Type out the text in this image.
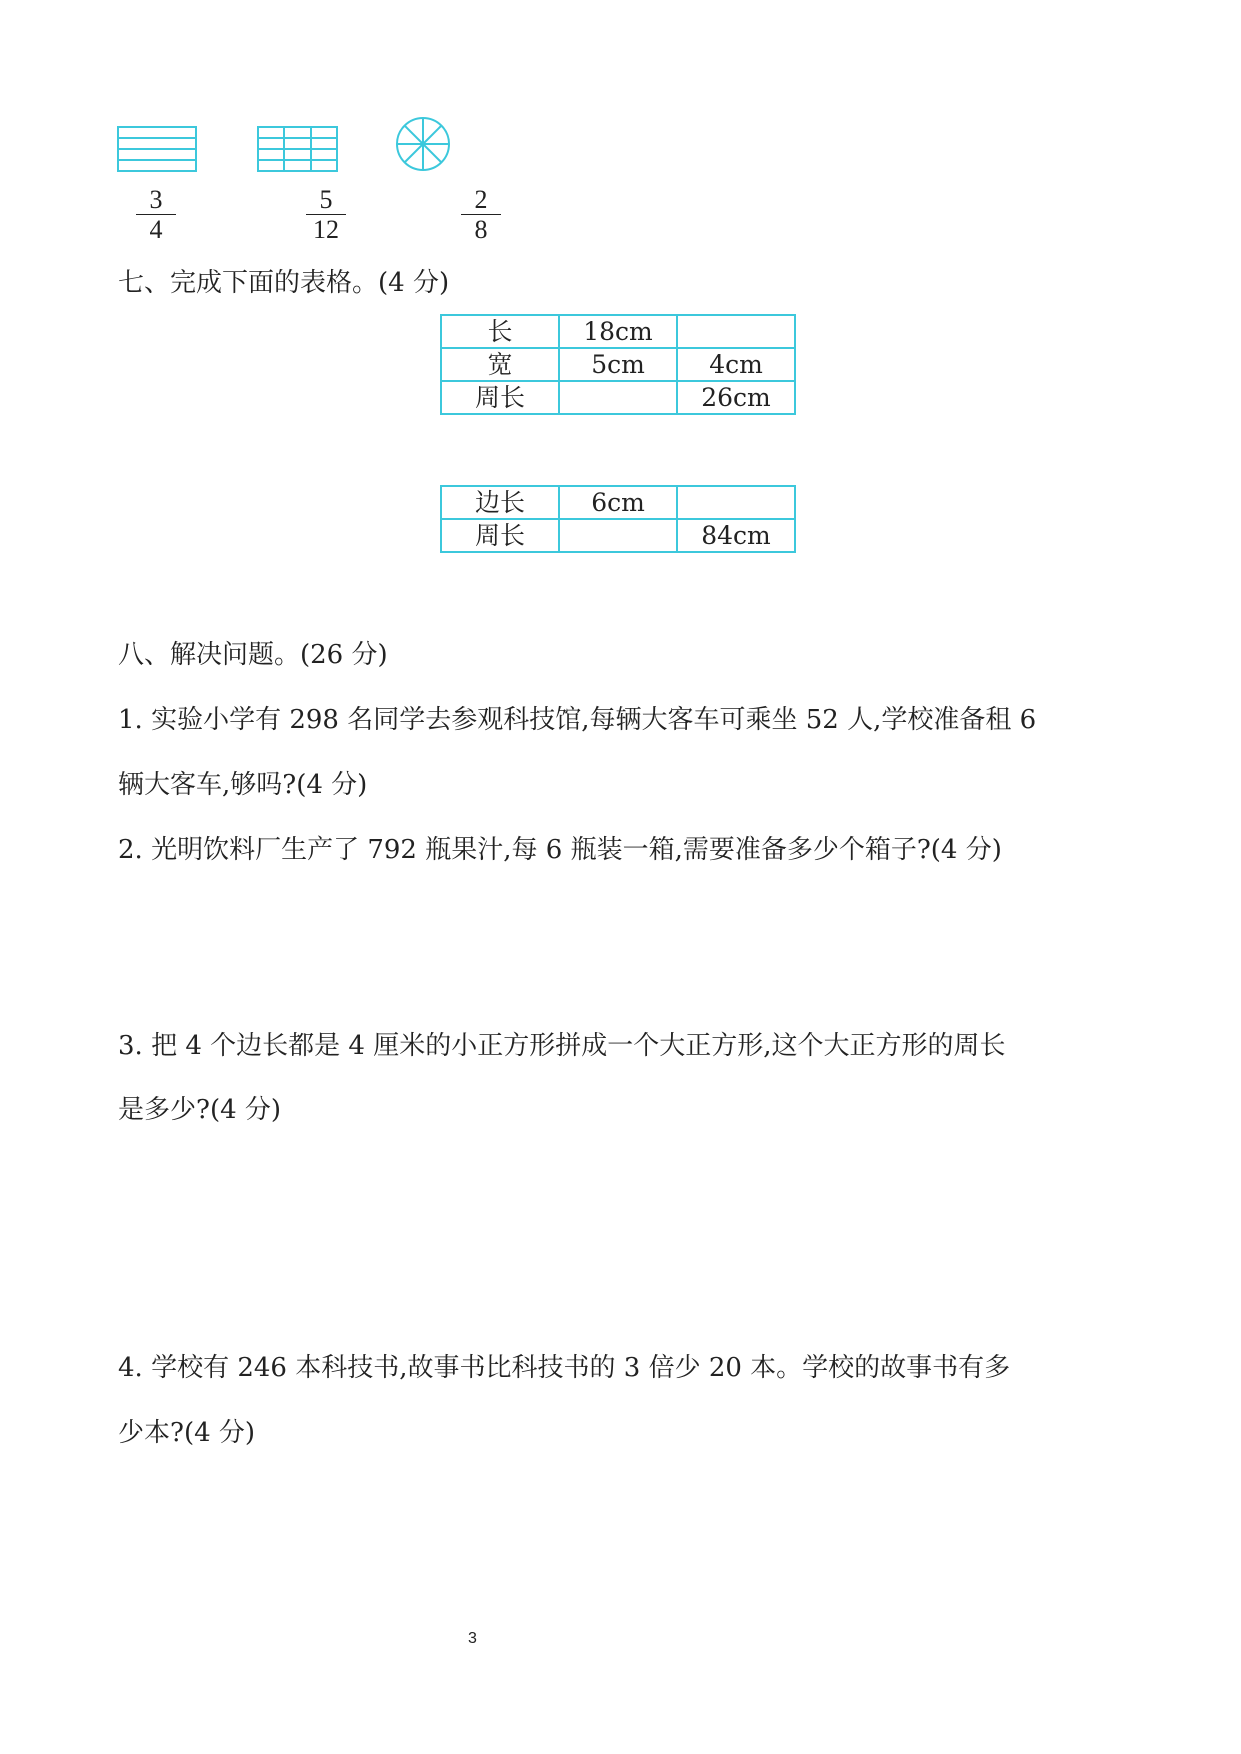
$\frac{3}{4}$	$\frac{5}{12}$	$\frac{2}{8}$
七、完成下面的表格。(4 分)
长	18cm	
宽	5cm	4cm
周长		26cm
边长	6cm	
周长		84cm
八、解决问题。(26 分)
1. 实验小学有 298 名同学去参观科技馆,每辆大客车可乘坐 52 人,学校准备租 6
辆大客车,够吗?(4 分)
2. 光明饮料厂生产了 792 瓶果汁,每 6 瓶装一箱,需要准备多少个箱子?(4 分)
3. 把 4 个边长都是 4 厘米的小正方形拼成一个大正方形,这个大正方形的周长
是多少?(4 分)
4. 学校有 246 本科技书,故事书比科技书的 3 倍少 20 本。学校的故事书有多
少本?(4 分)
3
